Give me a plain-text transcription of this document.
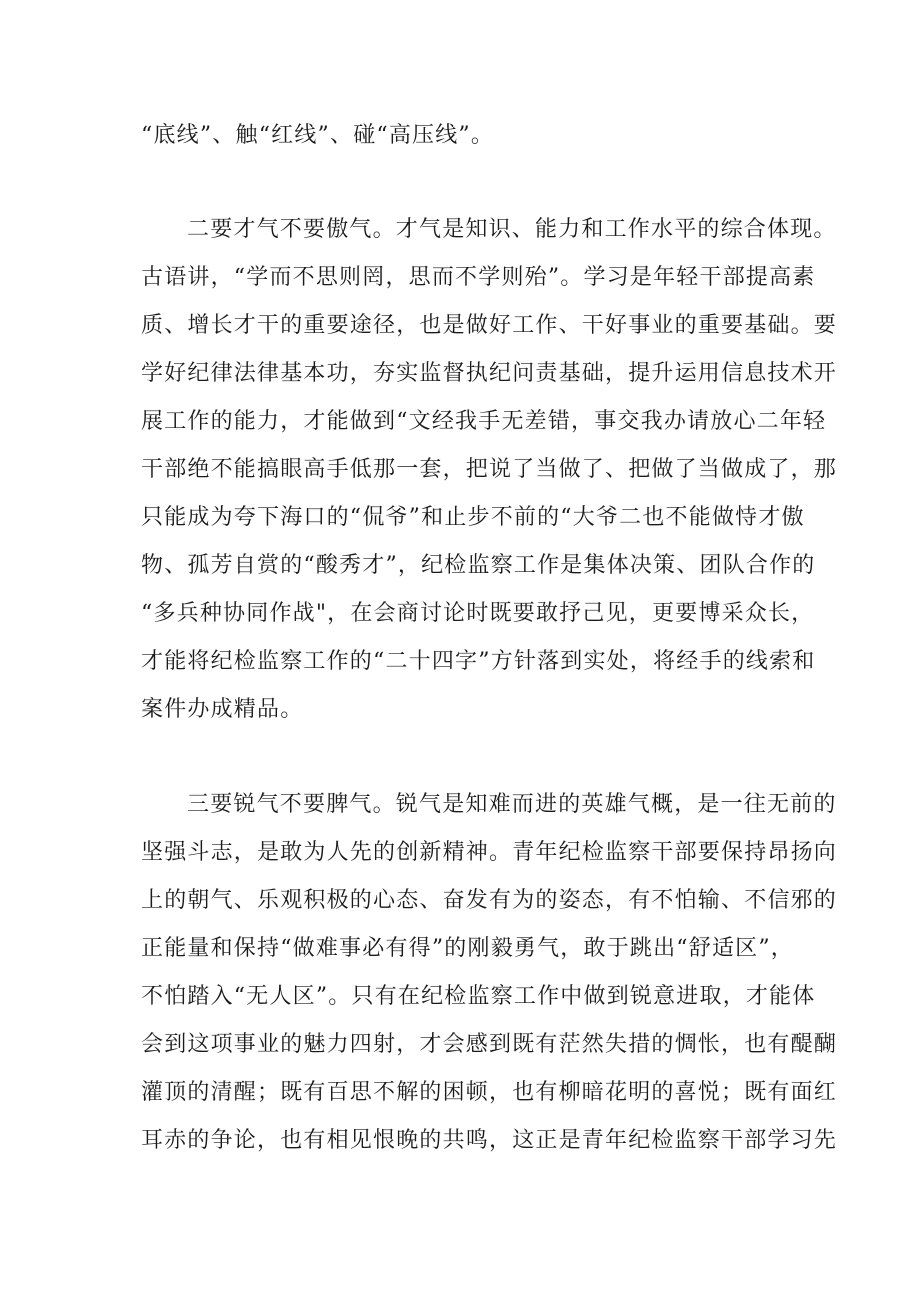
“底线”、触“红线”、碰“高压线”。
二要才气不要傲气。才气是知识、能力和工作水平的综合体现。
古语讲，“学而不思则罔，思而不学则殆”。学习是年轻干部提高素
质、增长才干的重要途径，也是做好工作、干好事业的重要基础。要
学好纪律法律基本功，夯实监督执纪问责基础，提升运用信息技术开
展工作的能力，才能做到“文经我手无差错，事交我办请放心二年轻
干部绝不能搞眼高手低那一套，把说了当做了、把做了当做成了，那
只能成为夸下海口的“侃爷”和止步不前的“大爷二也不能做恃才傲
物、孤芳自赏的“酸秀才”，纪检监察工作是集体决策、团队合作的
“多兵种协同作战"，在会商讨论时既要敢抒己见，更要博采众长，
才能将纪检监察工作的“二十四字”方针落到实处，将经手的线索和
案件办成精品。
三要锐气不要脾气。锐气是知难而进的英雄气概，是一往无前的
坚强斗志，是敢为人先的创新精神。青年纪检监察干部要保持昂扬向
上的朝气、乐观积极的心态、奋发有为的姿态，有不怕输、不信邪的
正能量和保持“做难事必有得”的刚毅勇气，敢于跳出“舒适区”，
不怕踏入“无人区”。只有在纪检监察工作中做到锐意进取，才能体
会到这项事业的魅力四射，才会感到既有茫然失措的惆怅，也有醍醐
灌顶的清醒；既有百思不解的困顿，也有柳暗花明的喜悦；既有面红
耳赤的争论，也有相见恨晚的共鸣，这正是青年纪检监察干部学习先
